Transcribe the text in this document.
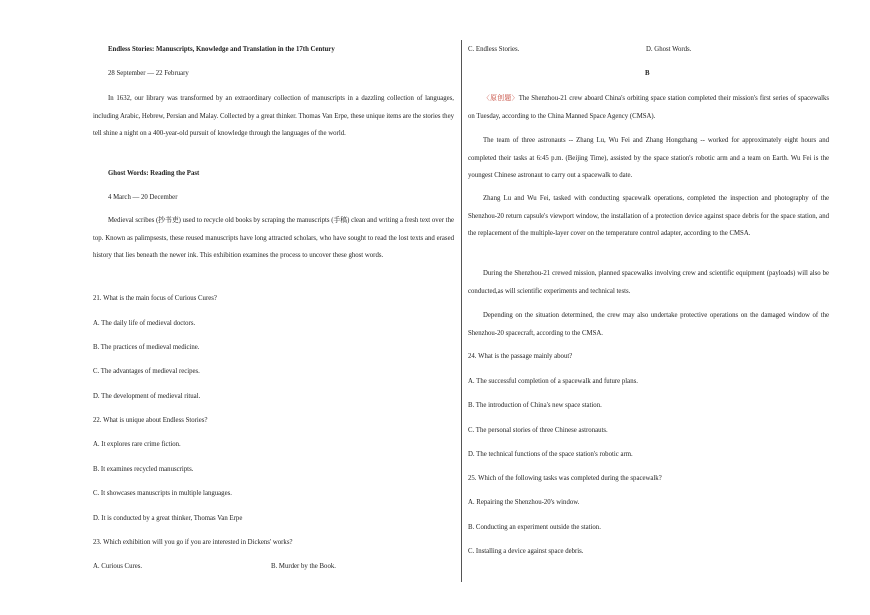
Endless Stories: Manuscripts, Knowledge and Translation in the 17th Century
28 September — 22 February
In 1632, our library was transformed by an extraordinary collection of manuscripts in a dazzling collection of languages, including Arabic, Hebrew, Persian and Malay. Collected by a great thinker. Thomas Van Erpe, these unique items are the stories they tell shine a night on a 400-year-old pursuit of knowledge through the languages of the world.
Ghost Words: Reading the Past
4 March — 20 December
Medieval scribes (抄书吏) used to recycle old books by scraping the manuscripts (手稿) clean and writing a fresh text over the top. Known as palimpsests, these reused manuscripts have long attracted scholars, who have sought to read the lost texts and erased history that lies beneath the newer ink. This exhibition examines the process to uncover these ghost words.
21. What is the main focus of Curious Cures?
A. The daily life of medieval doctors.
B. The practices of medieval medicine.
C. The advantages of medieval recipes.
D. The development of medieval ritual.
22. What is unique about Endless Stories?
A. It explores rare crime fiction.
B. It examines recycled manuscripts.
C. It showcases manuscripts in multiple languages.
D. It is conducted by a great thinker, Thomas Van Erpe
23. Which exhibition will you go if you are interested in Dickens' works?
A. Curious Cures.	B. Murder by the Book.
C. Endless Stories.	D. Ghost Words.
B
〈原创题〉The Shenzhou-21 crew aboard China's orbiting space station completed their mission's first series of spacewalks on Tuesday, according to the China Manned Space Agency (CMSA).
The team of three astronauts -- Zhang Lu, Wu Fei and Zhang Hongzhang -- worked for approximately eight hours and completed their tasks at 6:45 p.m. (Beijing Time), assisted by the space station's robotic arm and a team on Earth. Wu Fei is the youngest Chinese astronaut to carry out a spacewalk to date.
Zhang Lu and Wu Fei, tasked with conducting spacewalk operations, completed the inspection and photography of the Shenzhou-20 return capsule's viewport window, the installation of a protection device against space debris for the space station, and the replacement of the multiple-layer cover on the temperature control adapter, according to the CMSA.
During the Shenzhou-21 crewed mission, planned spacewalks involving crew and scientific equipment (payloads) will also be conducted,as will scientific experiments and technical tests.
Depending on the situation determined, the crew may also undertake protective operations on the damaged window of the Shenzhou-20 spacecraft, according to the CMSA.
24. What is the passage mainly about?
A. The successful completion of a spacewalk and future plans.
B. The introduction of China's new space station.
C. The personal stories of three Chinese astronauts.
D. The technical functions of the space station's robotic arm.
25. Which of the following tasks was completed during the spacewalk?
A. Repairing the Shenzhou-20's window.
B. Conducting an experiment outside the station.
C. Installing a device against space debris.
